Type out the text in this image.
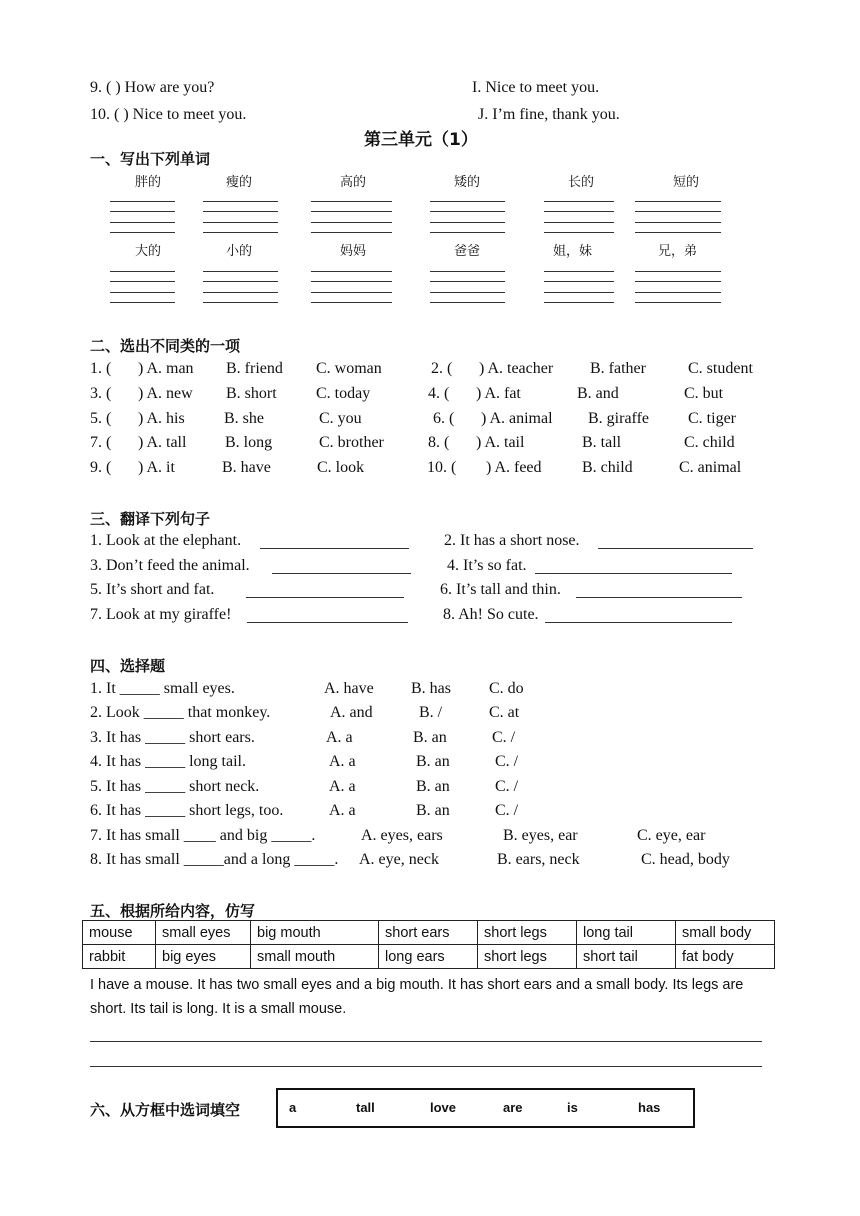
9. ( ) How are you?	I. Nice to meet you.
10. ( ) Nice to meet you.	J. I’m fine, thank you.
第三单元（1）
一、写出下列单词
胖的	瘦的	高的	矮的	长的	短的
大的	小的	妈妈	爸爸	姐，妹	兄，弟
二、选出不同类的一项
1. ( ) A. man B. friend C. woman	2. ( ) A. teacher B. father	C. student
3. ( ) A. new B. short C. today	4. ( ) A. fat	B. and	C. but
5. ( ) A. his B. she	C. you	6. ( ) A. animal B. giraffe C. tiger
7. ( ) A. tall B. long	C. brother	8. ( ) A. tail	B. tall	C. child
9. ( ) A. it	B. have	C. look	10. ( ) A. feed	B. child	C. animal
三、翻译下列句子
1. Look at the elephant.	2. It has a short nose.
3. Don’t feed the animal.	4. It’s so fat.
5. It’s short and fat.	6. It’s tall and thin.
7. Look at my giraffe!	8. Ah! So cute.
四、选择题
1. It _____ small eyes.	A. have B. has C. do
2. Look _____ that monkey.	A. and	B. /	C. at
3. It has _____ short ears.	A. a	B. an	C. /
4. It has _____ long tail.	A. a	B. an	C. /
5. It has _____ short neck.	A. a	B. an	C. /
6. It has _____ short legs, too.	A. a	B. an	C. /
7. It has small ____ and big _____.	A. eyes, ears	B. eyes, ear	C. eye, ear
8. It has small _____and a long _____. A. eye, neck	B. ears, neck	C. head, body
五、根据所给内容，仿写
mouse	small eyes	big mouth	short ears	short legs	long tail	small body
rabbit	big eyes	small mouth	long ears	short legs	short tail	fat body
I have a mouse. It has two small eyes and a big mouth. It has short ears and a small body. Its legs are short. Its tail is long. It is a small mouse.
六、从方框中选词填空	a	tall	love	are	is	has
